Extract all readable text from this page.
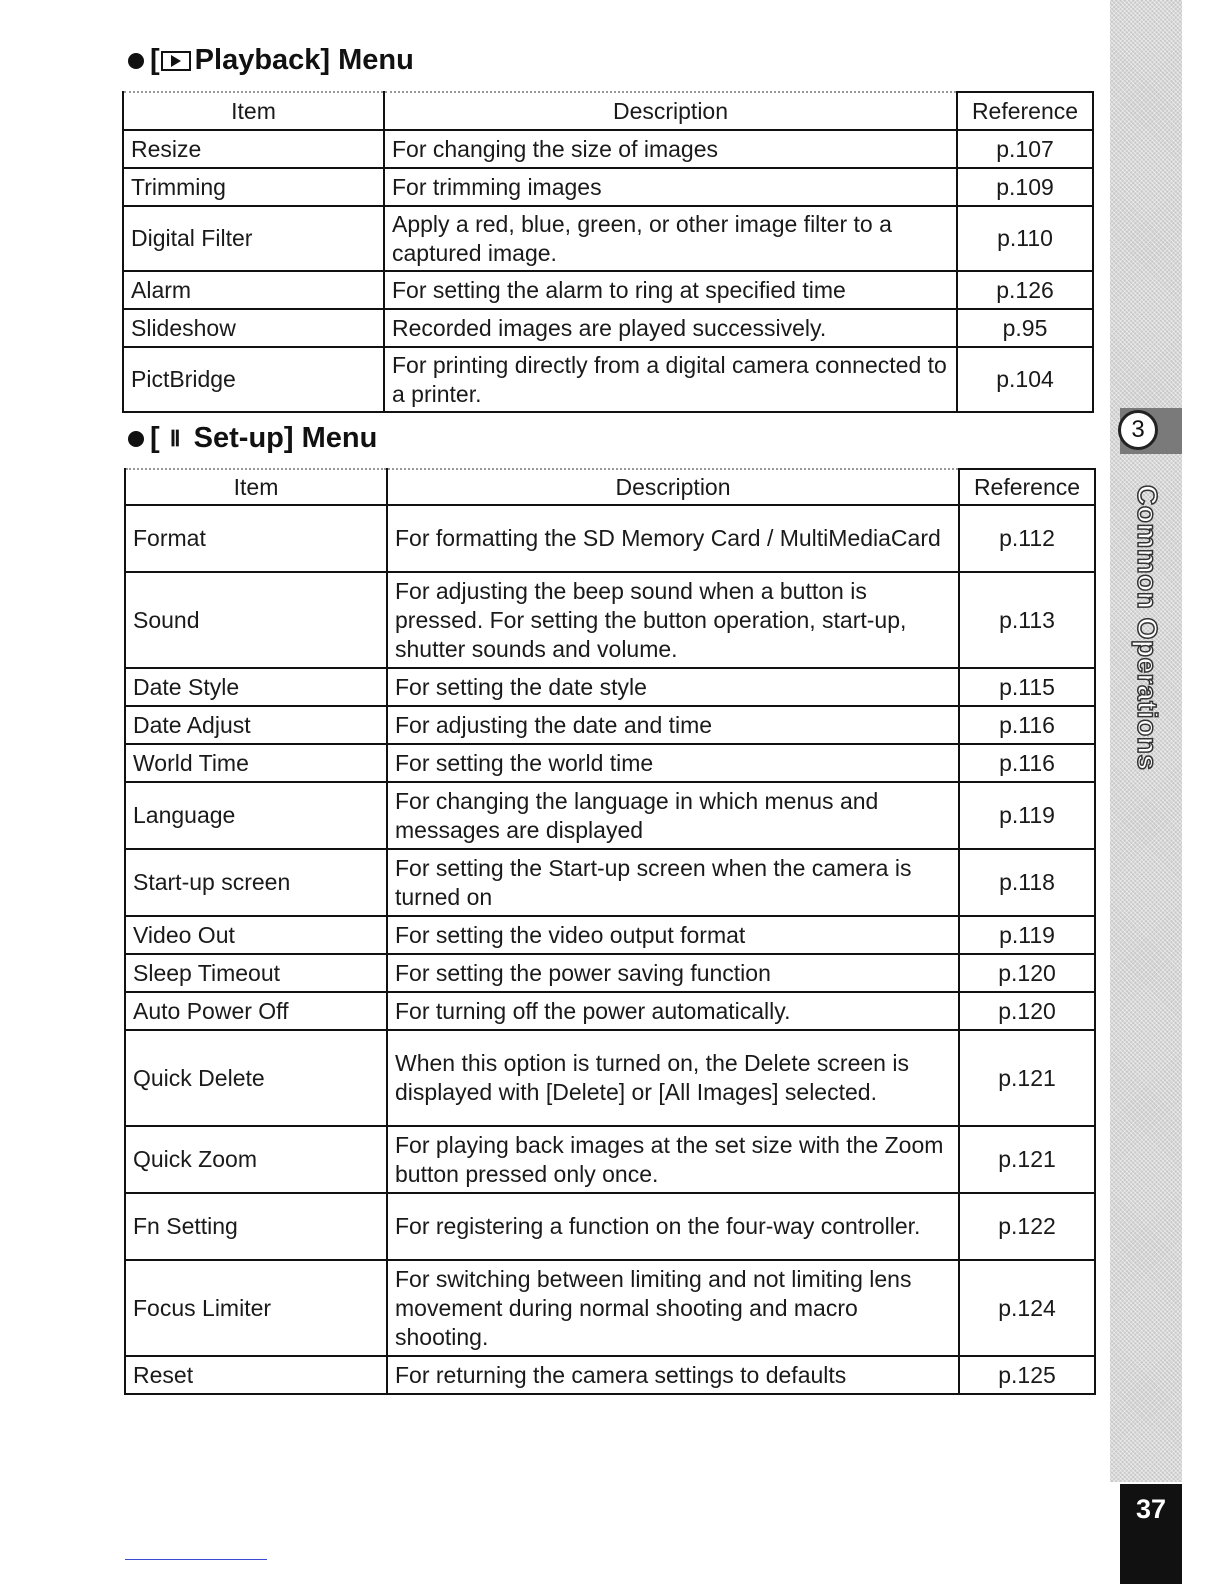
[ Playback] Menu
Item	Description	Reference
Resize	For changing the size of images	p.107
Trimming	For trimming images	p.109
Digital Filter	Apply a red, blue, green, or other image filter to a captured image.	p.110
Alarm	For setting the alarm to ring at specified time	p.126
Slideshow	Recorded images are played successively.	p.95
PictBridge	For printing directly from a digital camera connected to a printer.	p.104
[ Ⅱ Set-up] Menu
Item	Description	Reference
Format	For formatting the SD Memory Card / MultiMediaCard	p.112
Sound	For adjusting the beep sound when a button is pressed. For setting the button operation, start-up, shutter sounds and volume.	p.113
Date Style	For setting the date style	p.115
Date Adjust	For adjusting the date and time	p.116
World Time	For setting the world time	p.116
Language	For changing the language in which menus and messages are displayed	p.119
Start-up screen	For setting the Start-up screen when the camera is turned on	p.118
Video Out	For setting the video output format	p.119
Sleep Timeout	For setting the power saving function	p.120
Auto Power Off	For turning off the power automatically.	p.120
Quick Delete	When this option is turned on, the Delete screen is displayed with [Delete] or [All Images] selected.	p.121
Quick Zoom	For playing back images at the set size with the Zoom button pressed only once.	p.121
Fn Setting	For registering a function on the four-way controller.	p.122
Focus Limiter	For switching between limiting and not limiting lens movement during normal shooting and macro shooting.	p.124
Reset	For returning the camera settings to defaults	p.125
3
Common Operations
37
